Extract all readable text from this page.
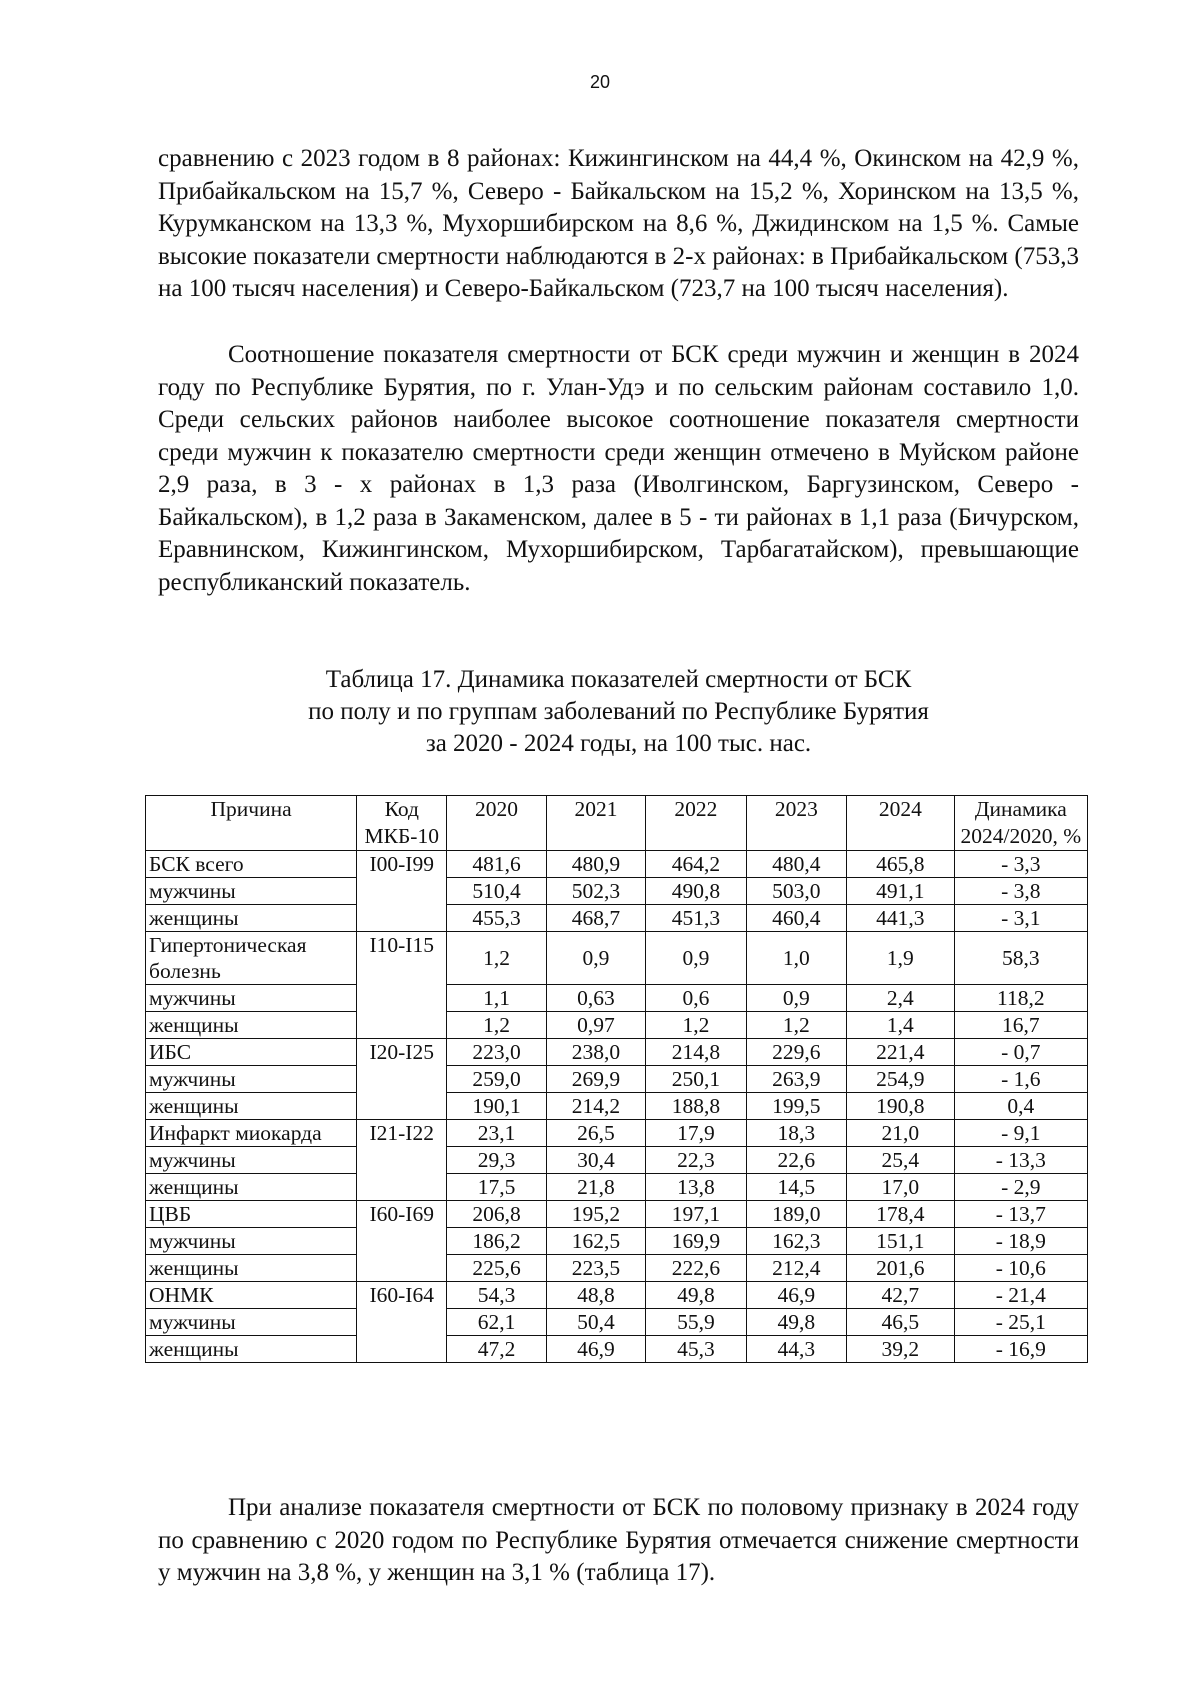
20

сравнению с 2023 годом в 8 районах: Кижингинском на 44,4 %, Окинском на 42,9 %, Прибайкальском на 15,7 %, Северо - Байкальском на 15,2 %, Хоринском на 13,5 %, Курумканском на 13,3 %, Мухоршибирском на 8,6 %, Джидинском на 1,5 %. Самые высокие показатели смертности наблюдаются в 2-х районах: в Прибайкальском (753,3 на 100 тысяч населения) и Северо-Байкальском (723,7 на 100 тысяч населения).

Соотношение показателя смертности от БСК среди мужчин и женщин в 2024 году по Республике Бурятия, по г. Улан-Удэ и по сельским районам составило 1,0. Среди сельских районов наиболее высокое соотношение показателя смертности среди мужчин к показателю смертности среди женщин отмечено в Муйском районе 2,9 раза, в 3 - х районах в 1,3 раза (Иволгинском, Баргузинском, Северо - Байкальском), в 1,2 раза в Закаменском, далее в 5 - ти районах в 1,1 раза (Бичурском, Еравнинском, Кижингинском, Мухоршибирском, Тарбагатайском), превышающие республиканский показатель.

Таблица 17. Динамика показателей смертности от БСК
по полу и по группам заболеваний по Республике Бурятия
за 2020 - 2024 годы, на 100 тыс. нас.
Причина	Код МКБ-10	2020	2021	2022	2023	2024	Динамика 2024/2020, %
БСК всего	I00-I99	481,6	480,9	464,2	480,4	465,8	- 3,3
мужчины		510,4	502,3	490,8	503,0	491,1	- 3,8
женщины		455,3	468,7	451,3	460,4	441,3	- 3,1
Гипертоническая болезнь	I10-I15	1,2	0,9	0,9	1,0	1,9	58,3
мужчины		1,1	0,63	0,6	0,9	2,4	118,2
женщины		1,2	0,97	1,2	1,2	1,4	16,7
ИБС	I20-I25	223,0	238,0	214,8	229,6	221,4	- 0,7
мужчины		259,0	269,9	250,1	263,9	254,9	- 1,6
женщины		190,1	214,2	188,8	199,5	190,8	0,4
Инфаркт миокарда	I21-I22	23,1	26,5	17,9	18,3	21,0	- 9,1
мужчины		29,3	30,4	22,3	22,6	25,4	- 13,3
женщины		17,5	21,8	13,8	14,5	17,0	- 2,9
ЦВБ	I60-I69	206,8	195,2	197,1	189,0	178,4	- 13,7
мужчины		186,2	162,5	169,9	162,3	151,1	- 18,9
женщины		225,6	223,5	222,6	212,4	201,6	- 10,6
ОНМК	I60-I64	54,3	48,8	49,8	46,9	42,7	- 21,4
мужчины		62,1	50,4	55,9	49,8	46,5	- 25,1
женщины		47,2	46,9	45,3	44,3	39,2	- 16,9

При анализе показателя смертности от БСК по половому признаку в 2024 году по сравнению с 2020 годом по Республике Бурятия отмечается снижение смертности у мужчин на 3,8 %, у женщин на 3,1 % (таблица 17).
